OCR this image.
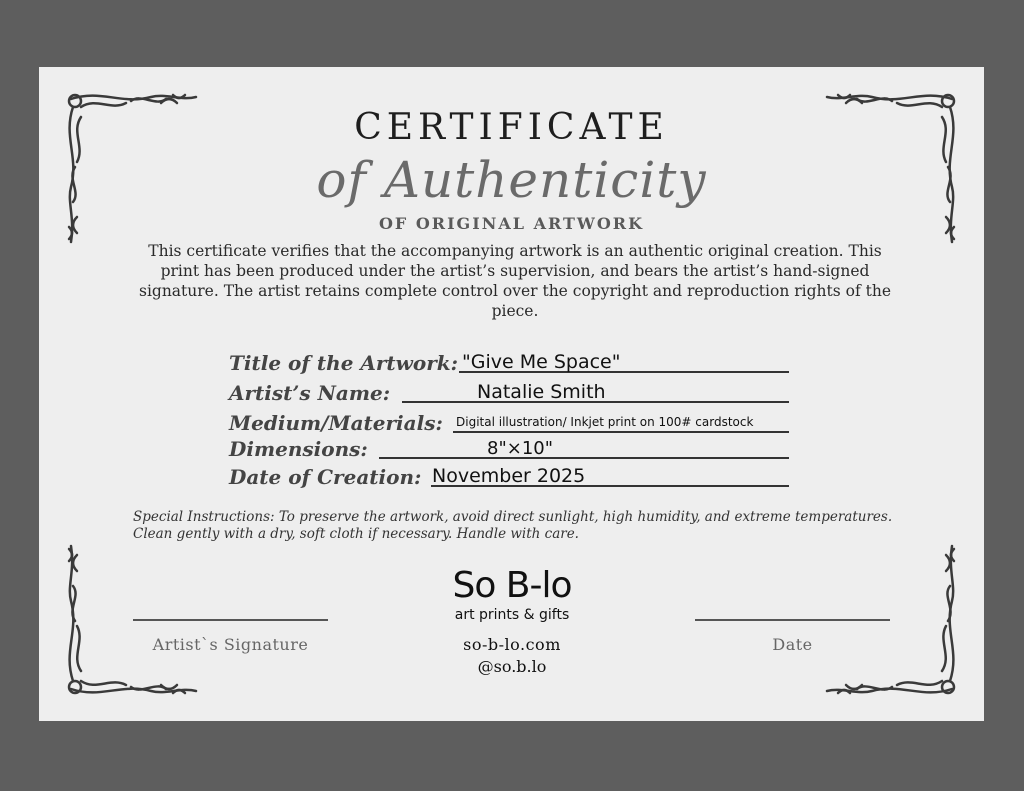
CERTIFICATE
of Authenticity
OF ORIGINAL ARTWORK
This certificate verifies that the accompanying artwork is an authentic original creation. This print has been produced under the artist’s supervision, and bears the artist’s hand-signed signature. The artist retains complete control over the copyright and reproduction rights of the piece.
Title of the Artwork: "Give Me Space"
Artist’s Name:	Natalie Smith
Medium/Materials: Digital illustration/ Inkjet print on 100# cardstock
Dimensions:	8"×10"
Date of Creation: November 2025
Special Instructions: To preserve the artwork, avoid direct sunlight, high humidity, and extreme temperatures. Clean gently with a dry, soft cloth if necessary. Handle with care.
Artist`s Signature	Date
So B-lo
art prints & gifts
so-b-lo.com
@so.b.lo
